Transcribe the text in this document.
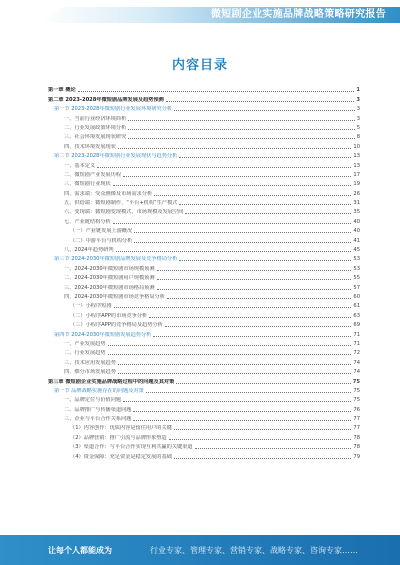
微短剧企业实施品牌战略策略研究报告
内容目录
第一章 概论	1
第二章 2023-2028年微短剧品牌发展及趋势预测	3
第一节 2023-2028年微短剧行业发展环境研究分析	3
一、当前行业经济环境简析	3
二、行业发展政策环境分析	5
三、社会环境发展现状研究	8
四、技术环境发展现状	10
第二节 2023-2028年微短剧行业发展现状与趋势分析	13
一、基本定义	13
二、微短剧产业发展历程	17
三、微短剧行业现状	19
四、需求端：受众画像及市场需求分析	26
五、供给端：微短剧制作、“平台+机构”生产模式	31
六、变现端：微短剧变现模式、市场规模及发展空间	35
七、产业链结构分析	40
（一）产业链发展上游概况	40
（二）中游平台与机构分析	41
八、2024年趋势研判	45
第三节 2024-2030年微短剧品牌发展及竞争格局分析	53
一、2024-2030年微短剧市场规模预测	53
二、2024-2030年微短剧用户规模预测	55
三、2024-2030年微短剧市场格局预测	57
四、2024-2030年微短剧市场竞争格局分析	60
（一）小程序短剧	61
（二）小程序APP的市场竞争分析	63
（三）小程序APP的竞争格局及趋势分析	69
第四节 2024-2030年微短剧发展趋势分析	71
一、产业发展趋势	71
二、行业发展趋势	72
三、技术应用发展趋势	74
四、细分市场发展趋势	74
第三章 微短剧企业实施品牌战略过程中的问题及其对策	75
第一节 品牌战略实施存在的问题及对策	75
一、品牌定位与价值问题	75
二、品牌推广与传播渠道问题	76
三、企业与平台合作关系问题	77
（1）内容创作：优质内容是留住用户的关键	77
（2）品牌营销：推广引流与品牌形象塑造	78
（3）渠道合作：与平台合作实现互利共赢的关键渠道	78
（4）资金保障：充足资金是稳定发展的基础	79
让每个人都能成为	行业专家、管理专家、营销专家、战略专家、咨询专家……
